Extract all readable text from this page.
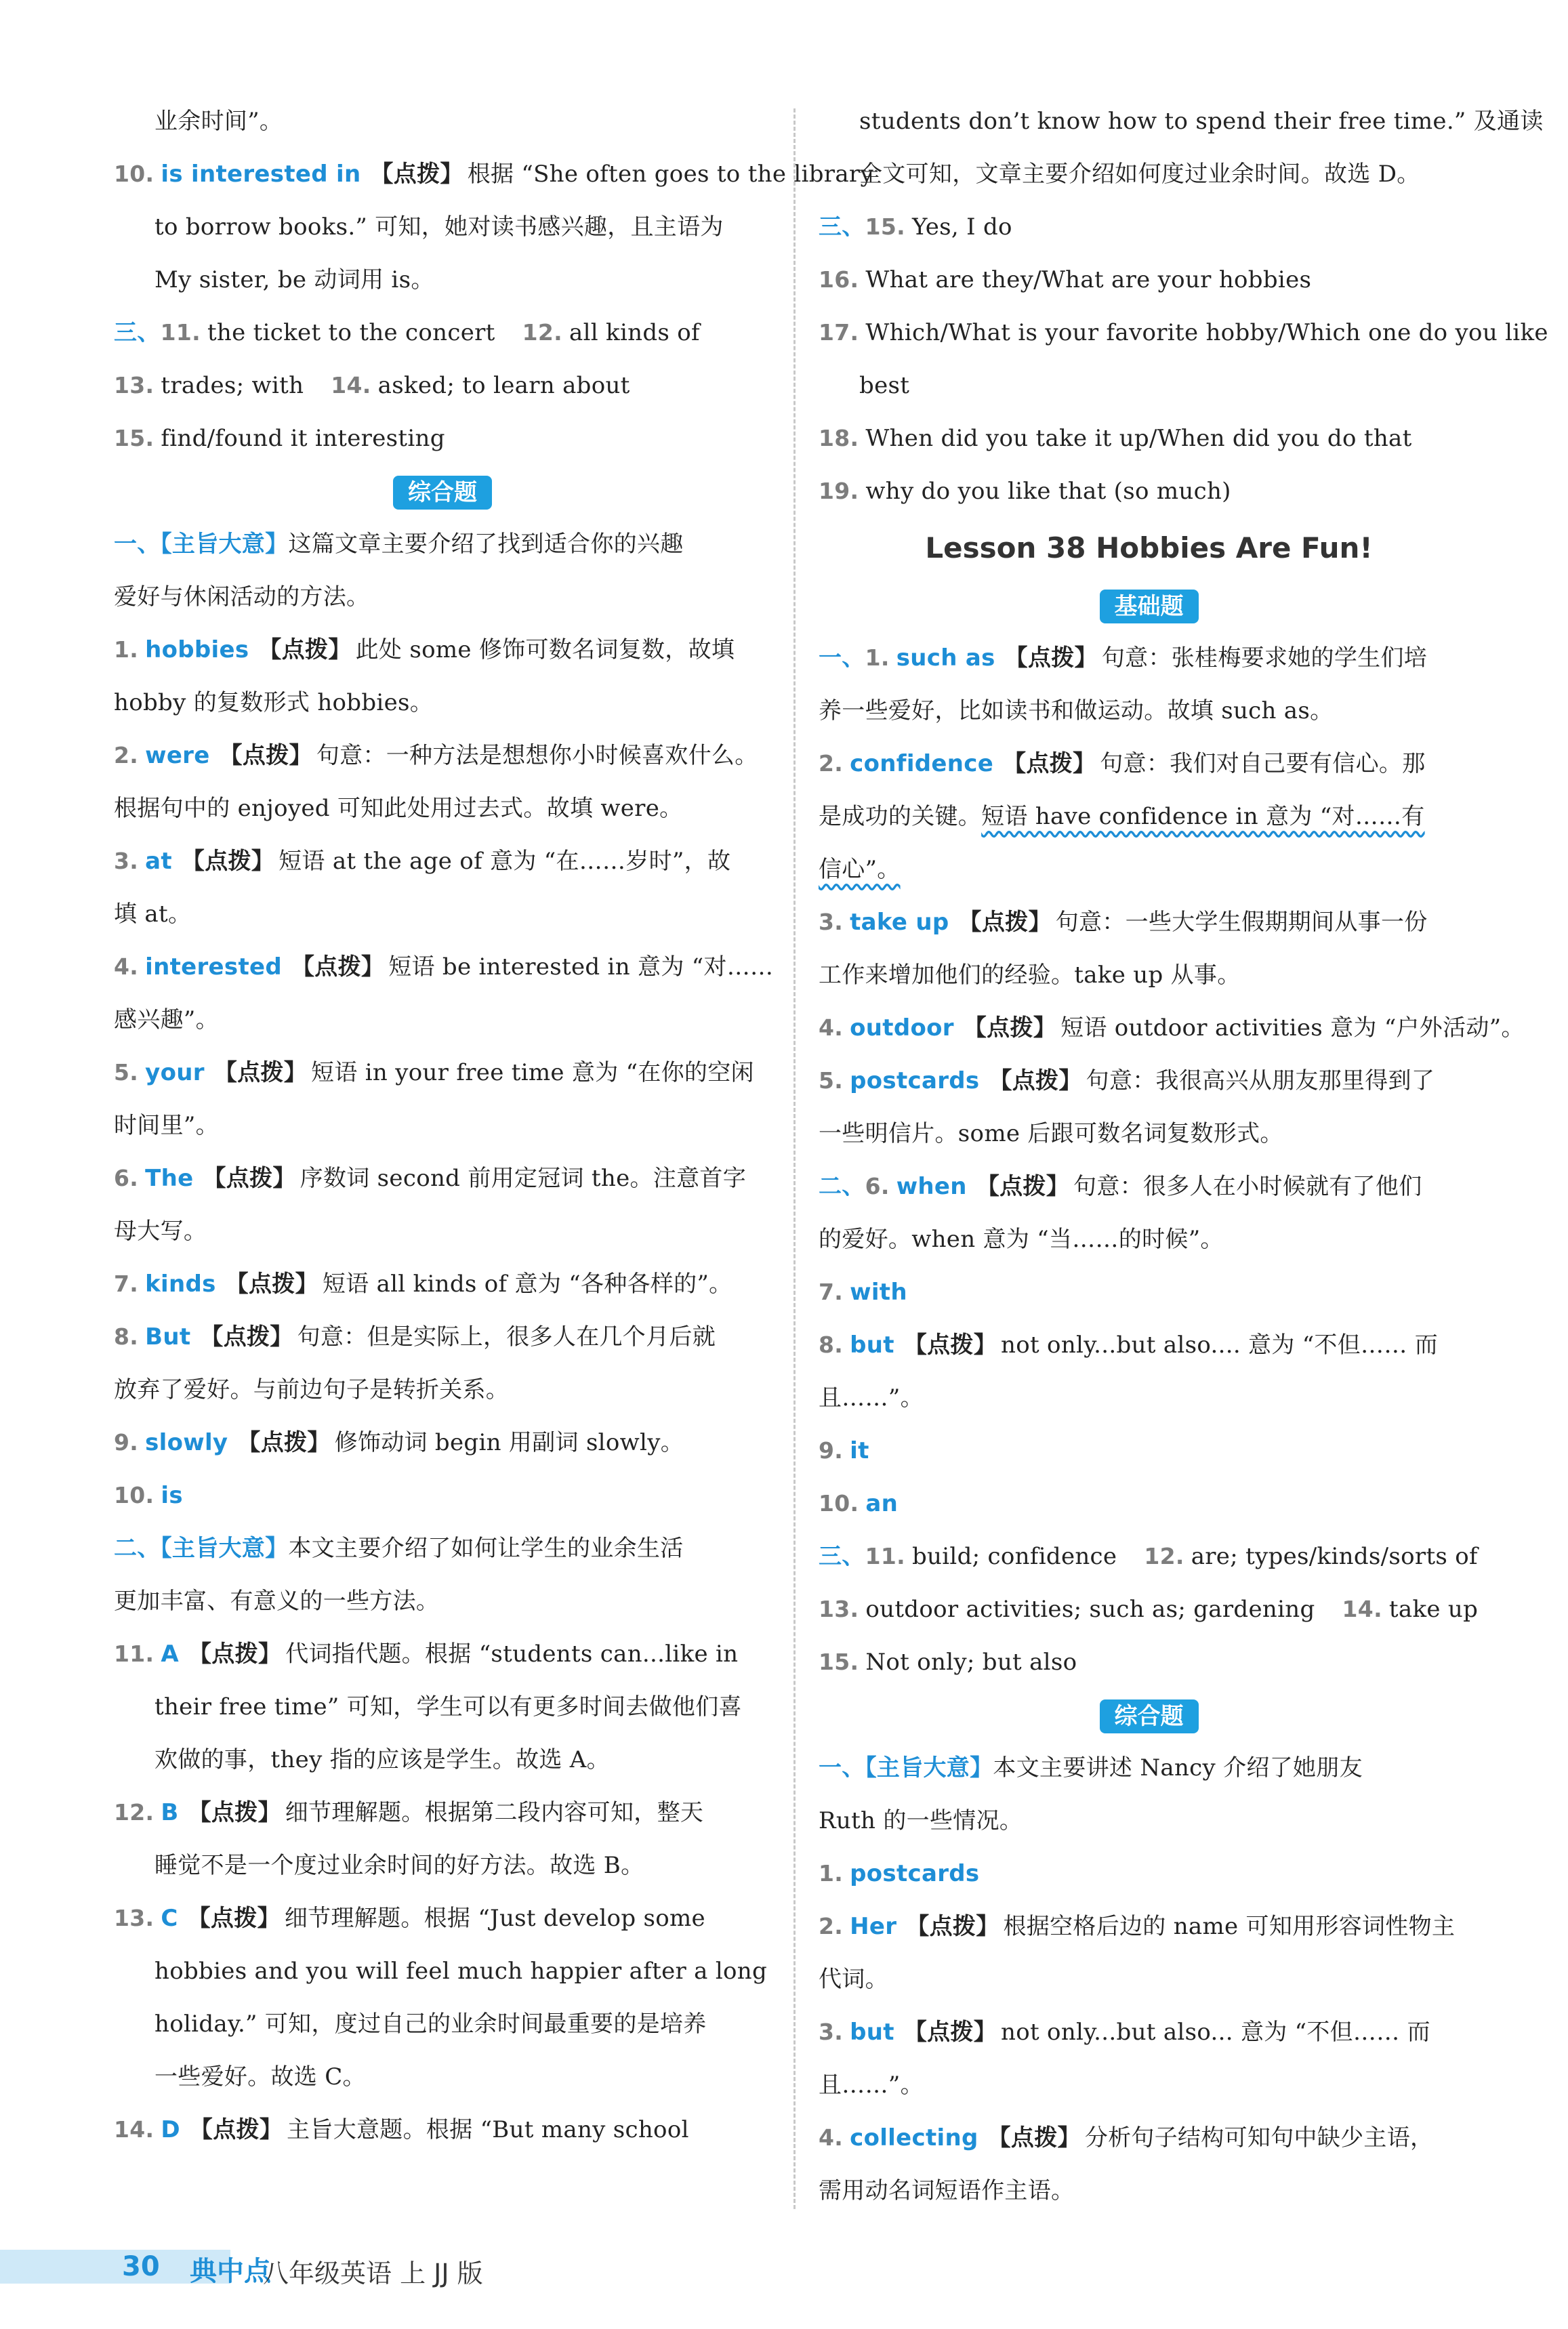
业余时间”。
10. is interested in 【点拨】 根据 “She often goes to the library
to borrow books.” 可知，她对读书感兴趣，且主语为
My sister, be 动词用 is。
三、11. the ticket to the concert 12. all kinds of
13. trades; with 14. asked; to learn about
15. find/found it interesting
综合题
一、【主旨大意】这篇文章主要介绍了找到适合你的兴趣
爱好与休闲活动的方法。
1. hobbies 【点拨】 此处 some 修饰可数名词复数，故填
hobby 的复数形式 hobbies。
2. were 【点拨】 句意：一种方法是想想你小时候喜欢什么。
根据句中的 enjoyed 可知此处用过去式。故填 were。
3. at 【点拨】 短语 at the age of 意为 “在……岁时”，故
填 at。
4. interested 【点拨】 短语 be interested in 意为 “对……
感兴趣”。
5. your 【点拨】 短语 in your free time 意为 “在你的空闲
时间里”。
6. The 【点拨】 序数词 second 前用定冠词 the。注意首字
母大写。
7. kinds 【点拨】 短语 all kinds of 意为 “各种各样的”。
8. But 【点拨】 句意：但是实际上，很多人在几个月后就
放弃了爱好。与前边句子是转折关系。
9. slowly 【点拨】 修饰动词 begin 用副词 slowly。
10. is
二、【主旨大意】本文主要介绍了如何让学生的业余生活
更加丰富、有意义的一些方法。
11. A 【点拨】 代词指代题。根据 “students can...like in
their free time” 可知，学生可以有更多时间去做他们喜
欢做的事，they 指的应该是学生。故选 A。
12. B 【点拨】 细节理解题。根据第二段内容可知，整天
睡觉不是一个度过业余时间的好方法。故选 B。
13. C 【点拨】 细节理解题。根据 “Just develop some
hobbies and you will feel much happier after a long
holiday.” 可知，度过自己的业余时间最重要的是培养
一些爱好。故选 C。
14. D 【点拨】 主旨大意题。根据 “But many school
students don’t know how to spend their free time.” 及通读
全文可知，文章主要介绍如何度过业余时间。故选 D。
三、15. Yes, I do
16. What are they/What are your hobbies
17. Which/What is your favorite hobby/Which one do you like
best
18. When did you take it up/When did you do that
19. why do you like that (so much)
Lesson 38 Hobbies Are Fun!
基础题
一、1. such as 【点拨】 句意：张桂梅要求她的学生们培
养一些爱好，比如读书和做运动。故填 such as。
2. confidence 【点拨】 句意：我们对自己要有信心。那
是成功的关键。短语 have confidence in 意为 “对……有
信心”。
3. take up 【点拨】 句意：一些大学生假期期间从事一份
工作来增加他们的经验。take up 从事。
4. outdoor 【点拨】 短语 outdoor activities 意为 “户外活动”。
5. postcards 【点拨】 句意：我很高兴从朋友那里得到了
一些明信片。some 后跟可数名词复数形式。
二、6. when 【点拨】 句意：很多人在小时候就有了他们
的爱好。when 意为 “当……的时候”。
7. with
8. but 【点拨】 not only...but also.... 意为 “不但…… 而
且……”。
9. it
10. an
三、11. build; confidence 12. are; types/kinds/sorts of
13. outdoor activities; such as; gardening 14. take up
15. Not only; but also
综合题
一、【主旨大意】本文主要讲述 Nancy 介绍了她朋友
Ruth 的一些情况。
1. postcards
2. Her 【点拨】 根据空格后边的 name 可知用形容词性物主
代词。
3. but 【点拨】 not only...but also... 意为 “不但…… 而
且……”。
4. collecting 【点拨】 分析句子结构可知句中缺少主语，
需用动名词短语作主语。
30 典中点
八年级英语 上 JJ 版
